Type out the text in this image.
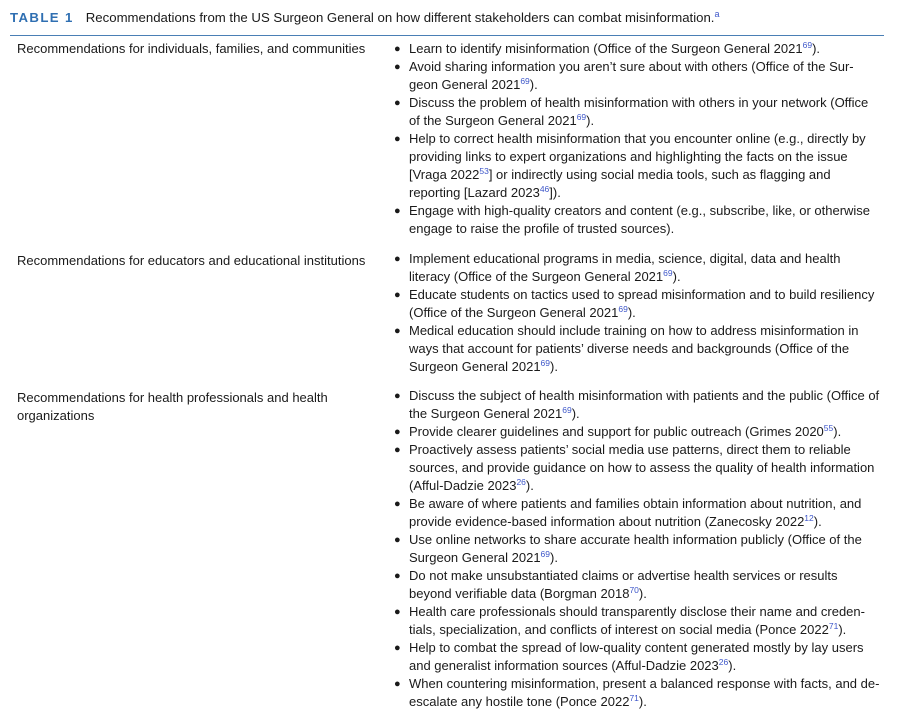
TABLE 1 Recommendations from the US Surgeon General on how different stakeholders can combat misinformation.$^a$
Recommendations for individuals, families, and communities	● Learn to identify misinformation (Office of the Surgeon General 2021$^{69}$).
● Avoid sharing information you aren’t sure about with others (Office of the Sur-geon General 2021$^{69}$).
● Discuss the problem of health misinformation with others in your network (Office of the Surgeon General 2021$^{69}$).
● Help to correct health misinformation that you encounter online (e.g., directly by providing links to expert organizations and highlighting the facts on the issue [Vraga 2022$^{53}$] or indirectly using social media tools, such as flagging and reporting [Lazard 2023$^{46}$]).
● Engage with high-quality creators and content (e.g., subscribe, like, or otherwise engage to raise the profile of trusted sources).
Recommendations for educators and educational institutions	● Implement educational programs in media, science, digital, data and health literacy (Office of the Surgeon General 2021$^{69}$).
● Educate students on tactics used to spread misinformation and to build resiliency (Office of the Surgeon General 2021$^{69}$).
● Medical education should include training on how to address misinformation in ways that account for patients’ diverse needs and backgrounds (Office of the Surgeon General 2021$^{69}$).
Recommendations for health professionals and health organizations
● Discuss the subject of health misinformation with patients and the public (Office of the Surgeon General 2021$^{69}$).
● Provide clearer guidelines and support for public outreach (Grimes 2020$^{55}$).
● Proactively assess patients’ social media use patterns, direct them to reliable sources, and provide guidance on how to assess the quality of health information (Afful-Dadzie 2023$^{26}$).
● Be aware of where patients and families obtain information about nutrition, and provide evidence-based information about nutrition (Zanecosky 2022$^{12}$).
● Use online networks to share accurate health information publicly (Office of the Surgeon General 2021$^{69}$).
● Do not make unsubstantiated claims or advertise health services or results beyond verifiable data (Borgman 2018$^{70}$).
● Health care professionals should transparently disclose their name and creden-tials, specialization, and conflicts of interest on social media (Ponce 2022$^{71}$).
● Help to combat the spread of low-quality content generated mostly by lay users and generalist information sources (Afful-Dadzie 2023$^{26}$).
● When countering misinformation, present a balanced response with facts, and de-escalate any hostile tone (Ponce 2022$^{71}$).
